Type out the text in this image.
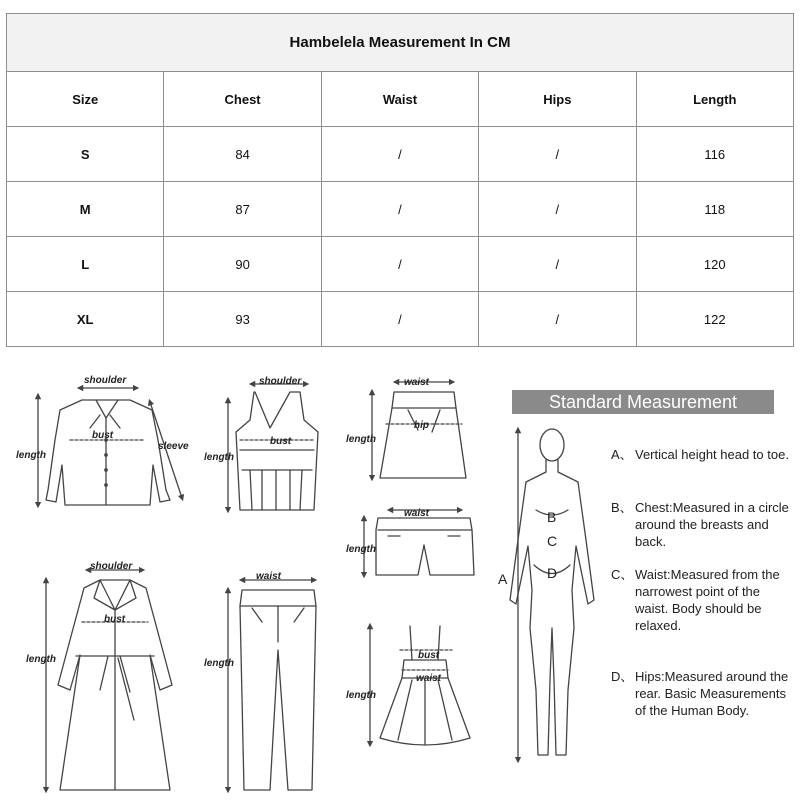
Hambelela Measurement In CM				
Size	Chest	Waist	Hips	Length
S	84	/	/	116
M	87	/	/	118
L	90	/	/	120
XL	93	/	/	122
shoulder
bust
length
sleeve
shoulder
bust
length
waist
hip
length
waist
length
shoulder
bust
length
waist
length
bust
waist
length
A
B
C
D
Standard Measurement
A、 Vertical height head to toe.
B、 Chest:Measured in a circle around the breasts and back.
C、 Waist:Measured from the narrowest point of the waist. Body should be relaxed.
D、 Hips:Measured around the rear. Basic Measurements of the Human Body.
